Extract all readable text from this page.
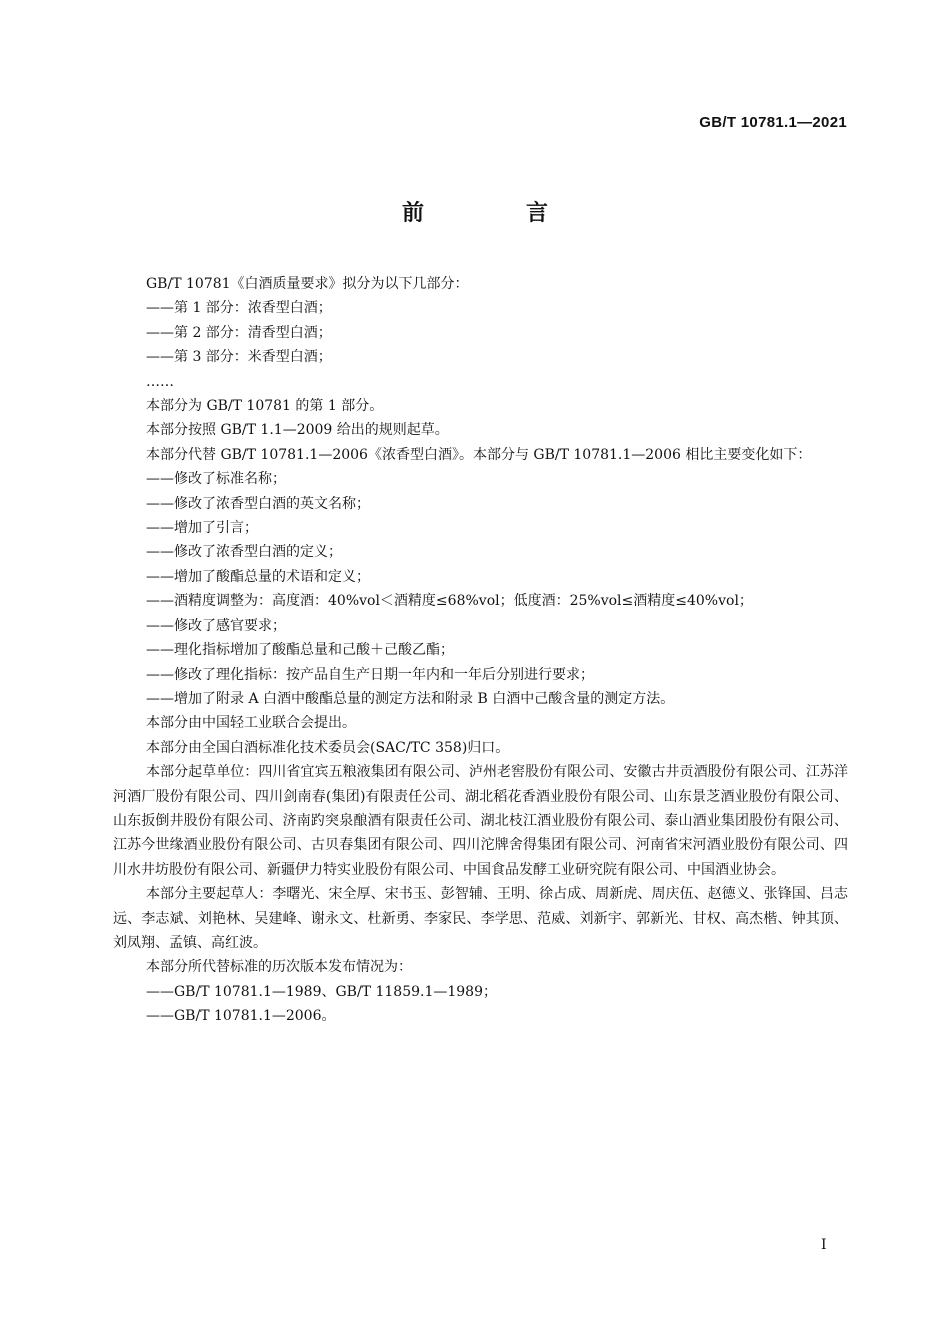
GB/T 10781.1—2021
前　言

GB/T 10781《白酒质量要求》拟分为以下几部分：

——第 1 部分：浓香型白酒；

——第 2 部分：清香型白酒；

——第 3 部分：米香型白酒；

……

本部分为 GB/T 10781 的第 1 部分。

本部分按照 GB/T 1.1—2009 给出的规则起草。

本部分代替 GB/T 10781.1—2006《浓香型白酒》。本部分与 GB/T 10781.1—2006 相比主要变化如下：

——修改了标准名称；

——修改了浓香型白酒的英文名称；

——增加了引言；

——修改了浓香型白酒的定义；

——增加了酸酯总量的术语和定义；

——酒精度调整为：高度酒：40%vol＜酒精度≤68%vol；低度酒：25%vol≤酒精度≤40%vol；

——修改了感官要求；

——理化指标增加了酸酯总量和己酸＋己酸乙酯；

——修改了理化指标：按产品自生产日期一年内和一年后分别进行要求；

——增加了附录 A 白酒中酸酯总量的测定方法和附录 B 白酒中己酸含量的测定方法。

本部分由中国轻工业联合会提出。

本部分由全国白酒标准化技术委员会(SAC/TC 358)归口。

本部分起草单位：四川省宜宾五粮液集团有限公司、泸州老窖股份有限公司、安徽古井贡酒股份有限公司、江苏洋河酒厂股份有限公司、四川剑南春(集团)有限责任公司、湖北稻花香酒业股份有限公司、山东景芝酒业股份有限公司、山东扳倒井股份有限公司、济南趵突泉酿酒有限责任公司、湖北枝江酒业股份有限公司、泰山酒业集团股份有限公司、江苏今世缘酒业股份有限公司、古贝春集团有限公司、四川沱牌舍得集团有限公司、河南省宋河酒业股份有限公司、四川水井坊股份有限公司、新疆伊力特实业股份有限公司、中国食品发酵工业研究院有限公司、中国酒业协会。

本部分主要起草人：李曙光、宋全厚、宋书玉、彭智辅、王明、徐占成、周新虎、周庆伍、赵德义、张锋国、吕志远、李志斌、刘艳林、吴建峰、谢永文、杜新勇、李家民、李学思、范威、刘新宇、郭新光、甘权、高杰楷、钟其顶、刘凤翔、孟镇、高红波。

本部分所代替标准的历次版本发布情况为：

——GB/T 10781.1—1989、GB/T 11859.1—1989；

——GB/T 10781.1—2006。

I
